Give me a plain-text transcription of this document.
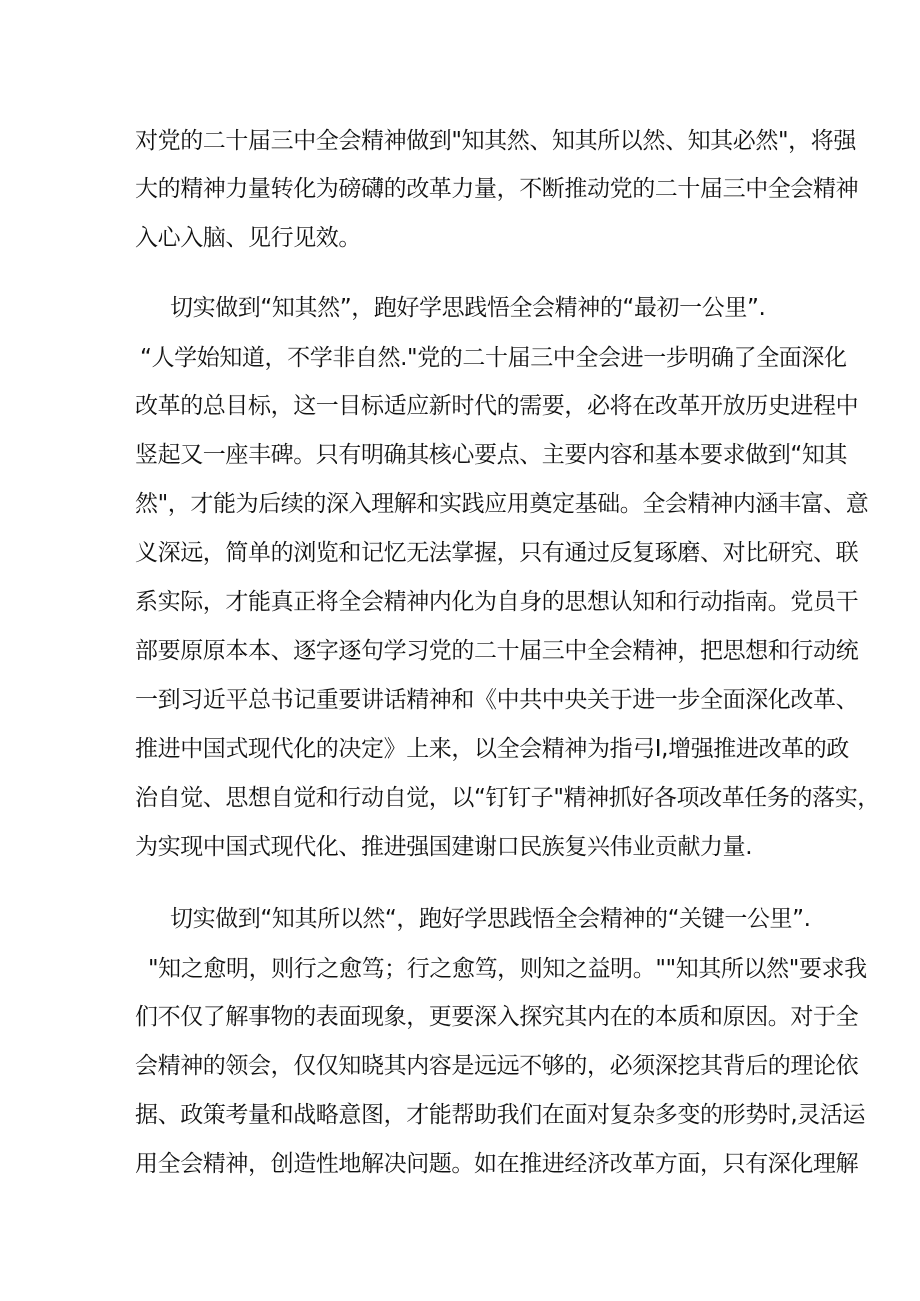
对党的二十届三中全会精神做到"知其然、知其所以然、知其必然"，将强
大的精神力量转化为磅礴的改革力量，不断推动党的二十届三中全会精神
入心入脑、见行见效。
切实做到“知其然”，跑好学思践悟全会精神的“最初一公里”.
“人学始知道，不学非自然."党的二十届三中全会进一步明确了全面深化
改革的总目标，这一目标适应新时代的需要，必将在改革开放历史进程中
竖起又一座丰碑。只有明确其核心要点、主要内容和基本要求做到“知其
然"，才能为后续的深入理解和实践应用奠定基础。全会精神内涵丰富、意
义深远，简单的浏览和记忆无法掌握，只有通过反复琢磨、对比研究、联
系实际，才能真正将全会精神内化为自身的思想认知和行动指南。党员干
部要原原本本、逐字逐句学习党的二十届三中全会精神，把思想和行动统
一到习近平总书记重要讲话精神和《中共中央关于进一步全面深化改革、
推进中国式现代化的决定》上来，以全会精神为指弓I,增强推进改革的政
治自觉、思想自觉和行动自觉，以“钉钉子"精神抓好各项改革任务的落实，
为实现中国式现代化、推进强国建谢口民族复兴伟业贡献力量.
切实做到“知其所以然“，跑好学思践悟全会精神的“关键一公里”.
"知之愈明，则行之愈笃；行之愈笃，则知之益明。""知其所以然"要求我
们不仅了解事物的表面现象，更要深入探究其内在的本质和原因。对于全
会精神的领会，仅仅知晓其内容是远远不够的，必须深挖其背后的理论依
据、政策考量和战略意图，才能帮助我们在面对复杂多变的形势时,灵活运
用全会精神，创造性地解决问题。如在推进经济改革方面，只有深化理解
